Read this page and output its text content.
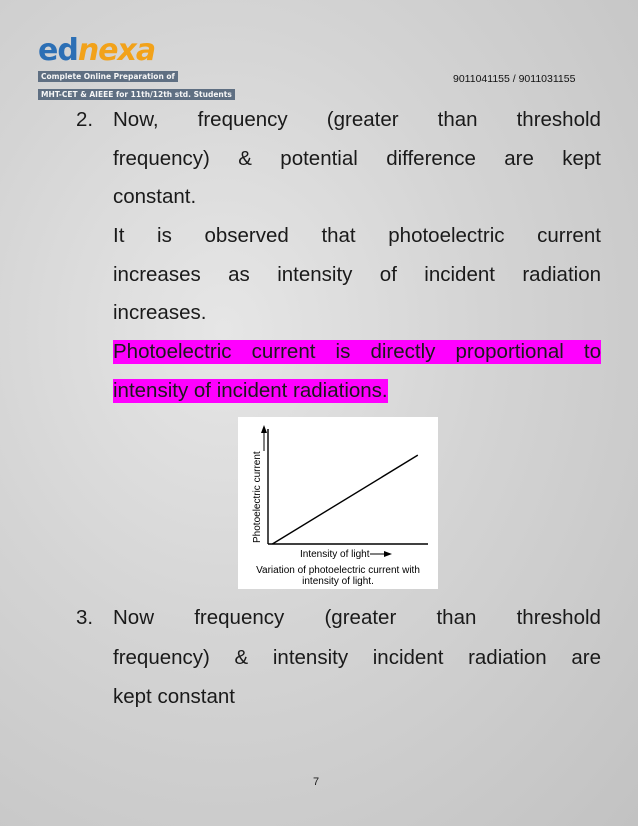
ednexa
Complete Online Preparation of
MHT-CET & AIEEE for 11th/12th std. Students
9011041155 / 9011031155
2. Now, frequency (greater than threshold
frequency) & potential difference are kept
constant.
It is observed that photoelectric current
increases as intensity of incident radiation
increases.
Photoelectric current is directly proportional to
intensity of incident radiations.
Photoelectric current
Intensity of light
Variation of photoelectric current with
intensity of light.
3. Now frequency (greater than threshold
frequency) & intensity incident radiation are
kept constant
7
